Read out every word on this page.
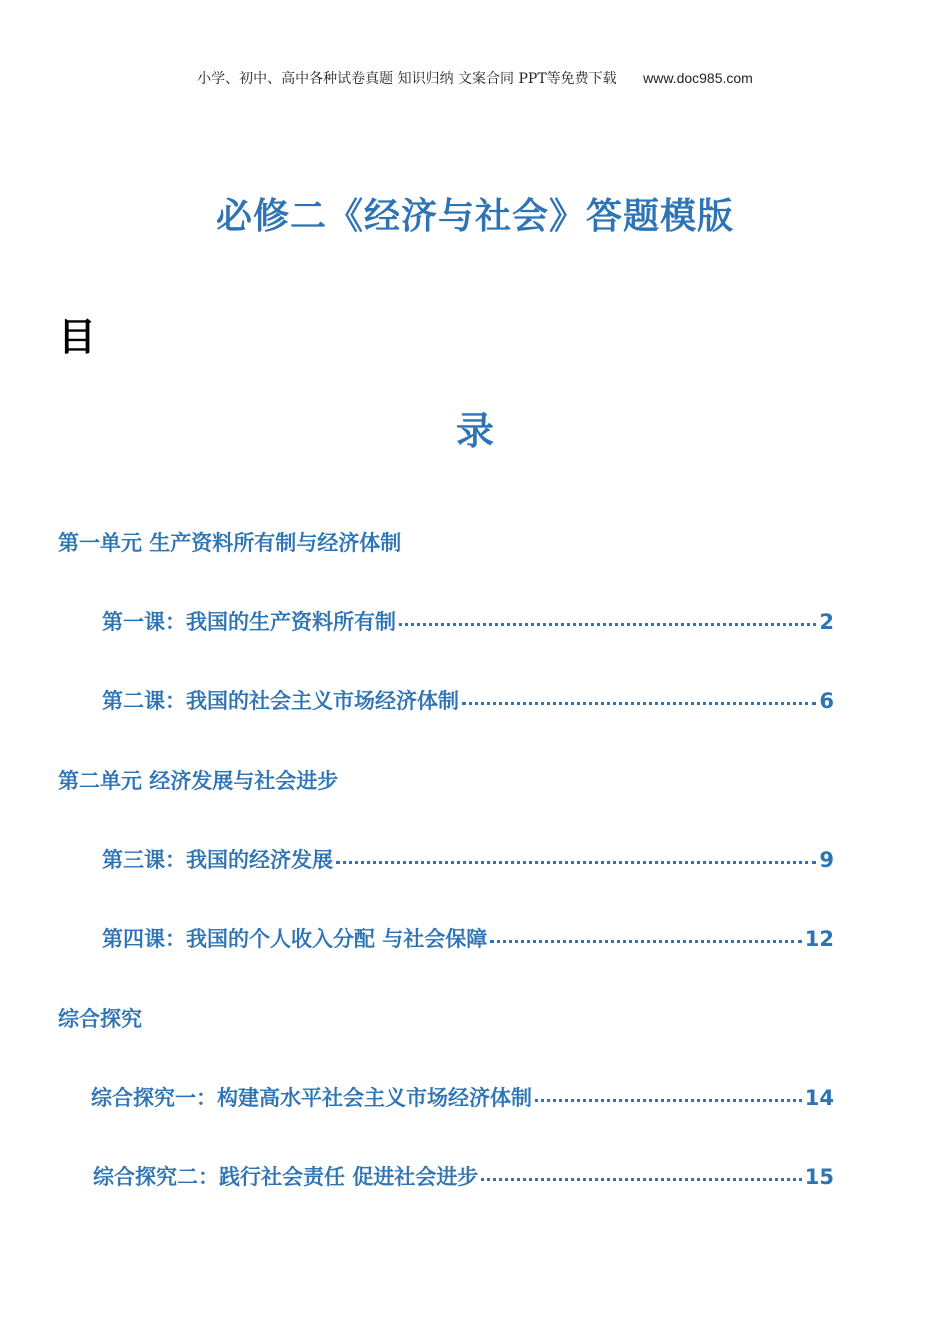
小学、初中、高中各种试卷真题 知识归纳 文案合同 PPT等免费下载 www.doc985.com
必修二《经济与社会》答题模版
目
录
第一单元 生产资料所有制与经济体制
第一课：我国的生产资料所有制	2
第二课：我国的社会主义市场经济体制	6
第二单元 经济发展与社会进步
第三课：我国的经济发展	9
第四课：我国的个人收入分配 与社会保障	12
综合探究
综合探究一：构建高水平社会主义市场经济体制	14
综合探究二：践行社会责任 促进社会进步	15
